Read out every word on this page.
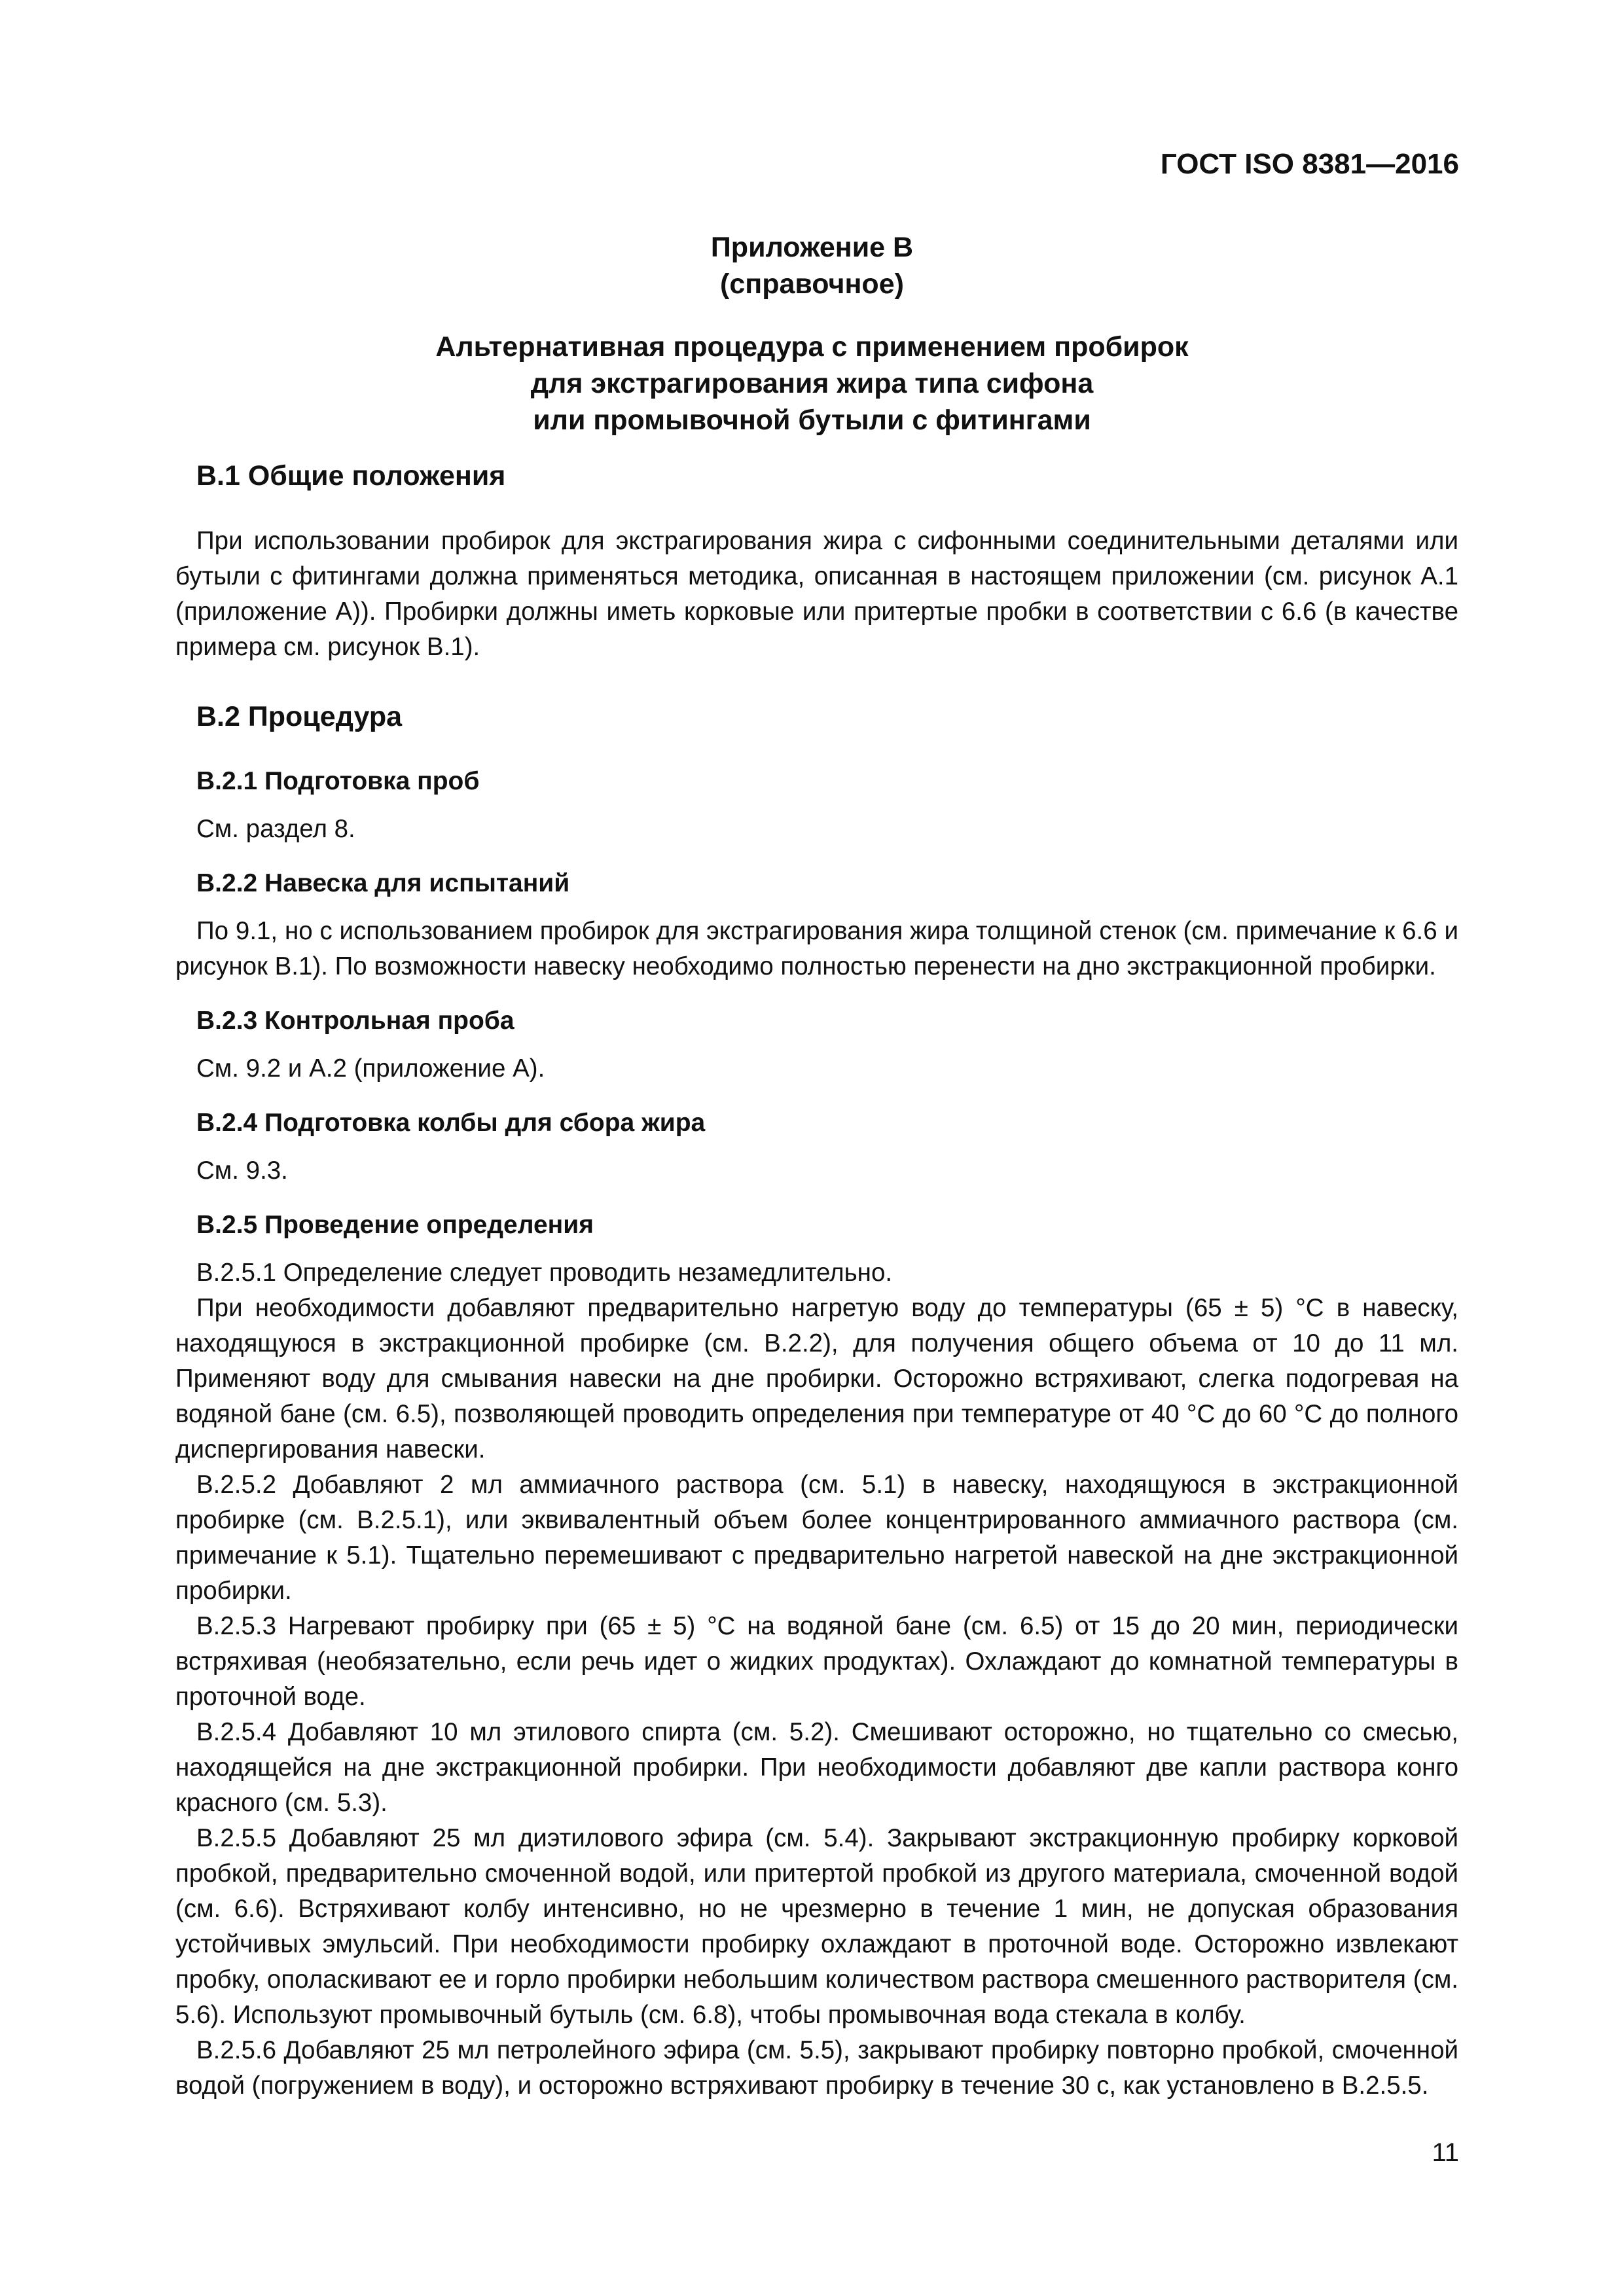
ГОСТ ISO 8381—2016
Приложение В
(справочное)
Альтернативная процедура с применением пробирок
для экстрагирования жира типа сифона
или промывочной бутыли с фитингами
В.1 Общие положения

При использовании пробирок для экстрагирования жира с сифонными соединительными деталями или бутыли с фитингами должна применяться методика, описанная в настоящем приложении (см. рисунок А.1 (приложение А)). Пробирки должны иметь корковые или притертые пробки в соответствии с 6.6 (в качестве примера см. рисунок В.1).

В.2 Процедура
В.2.1 Подготовка проб

См. раздел 8.

В.2.2 Навеска для испытаний

По 9.1, но с использованием пробирок для экстрагирования жира толщиной стенок (см. примечание к 6.6 и рисунок В.1). По возможности навеску необходимо полностью перенести на дно экстракционной пробирки.

В.2.3 Контрольная проба

См. 9.2 и А.2 (приложение А).

В.2.4 Подготовка колбы для сбора жира

См. 9.3.

В.2.5 Проведение определения

В.2.5.1 Определение следует проводить незамедлительно.

При необходимости добавляют предварительно нагретую воду до температуры (65 ± 5) °С в навеску, находящуюся в экстракционной пробирке (см. В.2.2), для получения общего объема от 10 до 11 мл. Применяют воду для смывания навески на дне пробирки. Осторожно встряхивают, слегка подогревая на водяной бане (см. 6.5), позволяющей проводить определения при температуре от 40 °С до 60 °С до полного диспергирования навески.

В.2.5.2 Добавляют 2 мл аммиачного раствора (см. 5.1) в навеску, находящуюся в экстракционной пробирке (см. В.2.5.1), или эквивалентный объем более концентрированного аммиачного раствора (см. примечание к 5.1). Тщательно перемешивают с предварительно нагретой навеской на дне экстракционной пробирки.

В.2.5.3 Нагревают пробирку при (65 ± 5) °С на водяной бане (см. 6.5) от 15 до 20 мин, периодически встряхивая (необязательно, если речь идет о жидких продуктах). Охлаждают до комнатной температуры в проточной воде.

В.2.5.4 Добавляют 10 мл этилового спирта (см. 5.2). Смешивают осторожно, но тщательно со смесью, находящейся на дне экстракционной пробирки. При необходимости добавляют две капли раствора конго красного (см. 5.3).

В.2.5.5 Добавляют 25 мл диэтилового эфира (см. 5.4). Закрывают экстракционную пробирку корковой пробкой, предварительно смоченной водой, или притертой пробкой из другого материала, смоченной водой (см. 6.6). Встряхивают колбу интенсивно, но не чрезмерно в течение 1 мин, не допуская образования устойчивых эмульсий. При необходимости пробирку охлаждают в проточной воде. Осторожно извлекают пробку, ополаскивают ее и горло пробирки небольшим количеством раствора смешенного растворителя (см. 5.6). Используют промывочный бутыль (см. 6.8), чтобы промывочная вода стекала в колбу.

В.2.5.6 Добавляют 25 мл петролейного эфира (см. 5.5), закрывают пробирку повторно пробкой, смоченной водой (погружением в воду), и осторожно встряхивают пробирку в течение 30 с, как установлено в В.2.5.5.

11
